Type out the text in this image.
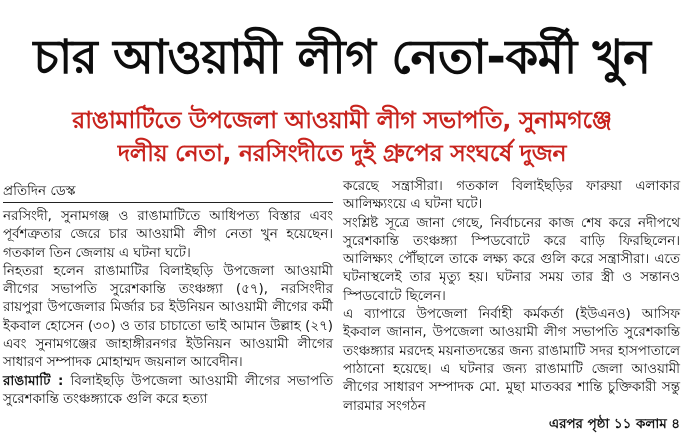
চার আওয়ামী লীগ নেতা-কর্মী খুন
রাঙামাটিতে উপজেলা আওয়ামী লীগ সভাপতি, সুনামগঞ্জে
দলীয় নেতা, নরসিংদীতে দুই গ্রুপের সংঘর্ষে দুজন
প্রতিদিন ডেস্ক

নরসিংদী, সুনামগঞ্জ ও রাঙামাটিতে আধিপত্য বিস্তার এবং পূর্বশত্রুতার জেরে চার আওয়ামী লীগ নেতা খুন হয়েছেন। গতকাল তিন জেলায় এ ঘটনা ঘটে।

নিহতরা হলেন রাঙামাটির বিলাইছড়ি উপজেলা আওয়ামী লীগের সভাপতি সুরেশকান্তি তংঞ্চঙ্গ্যা (৫৭), নরসিংদীর রায়পুরা উপজেলার মির্জার চর ইউনিয়ন আওয়ামী লীগের কর্মী ইকবাল হোসেন (৩০) ও তার চাচাতো ভাই আমান উল্লাহ (২৭) এবং সুনামগঞ্জের জাহাঙ্গীরনগর ইউনিয়ন আওয়ামী লীগের সাধারণ সম্পাদক মোহাম্মদ জয়নাল আবেদীন।

রাঙামাটি : বিলাইছড়ি উপজেলা আওয়ামী লীগের সভাপতি সুরেশকান্তি তংঞ্চঙ্গ্যাকে গুলি করে হত্যা

করেছে সন্ত্রাসীরা। গতকাল বিলাইছড়ির ফারুয়া এলাকার আলিক্ষ্যংয়ে এ ঘটনা ঘটে।

সংশ্লিষ্ট সূত্রে জানা গেছে, নির্বাচনের কাজ শেষ করে নদীপথে সুরেশকান্তি তংঞ্চঙ্গ্যা স্পিডবোটে করে বাড়ি ফিরছিলেন। আলিক্ষ্যং পৌঁছালে তাকে লক্ষ্য করে গুলি করে সন্ত্রাসীরা। এতে ঘটনাস্থলেই তার মৃত্যু হয়। ঘটনার সময় তার স্ত্রী ও সন্তানও স্পিডবোটে ছিলেন।

এ ব্যাপারে উপজেলা নির্বাহী কর্মকর্তা (ইউএনও) আসিফ ইকবাল জানান, উপজেলা আওয়ামী লীগ সভাপতি সুরেশকান্তি তংঞ্চঙ্গ্যার মরদেহ ময়নাতদন্তের জন্য রাঙামাটি সদর হাসপাতালে পাঠানো হয়েছে। এ ঘটনার জন্য রাঙামাটি জেলা আওয়ামী লীগের সাধারণ সম্পাদক মো. মুছা মাতব্বর শান্তি চুক্তিকারী সন্তু লারমার সংগঠন

এরপর পৃষ্ঠা ১১ কলাম ৪
